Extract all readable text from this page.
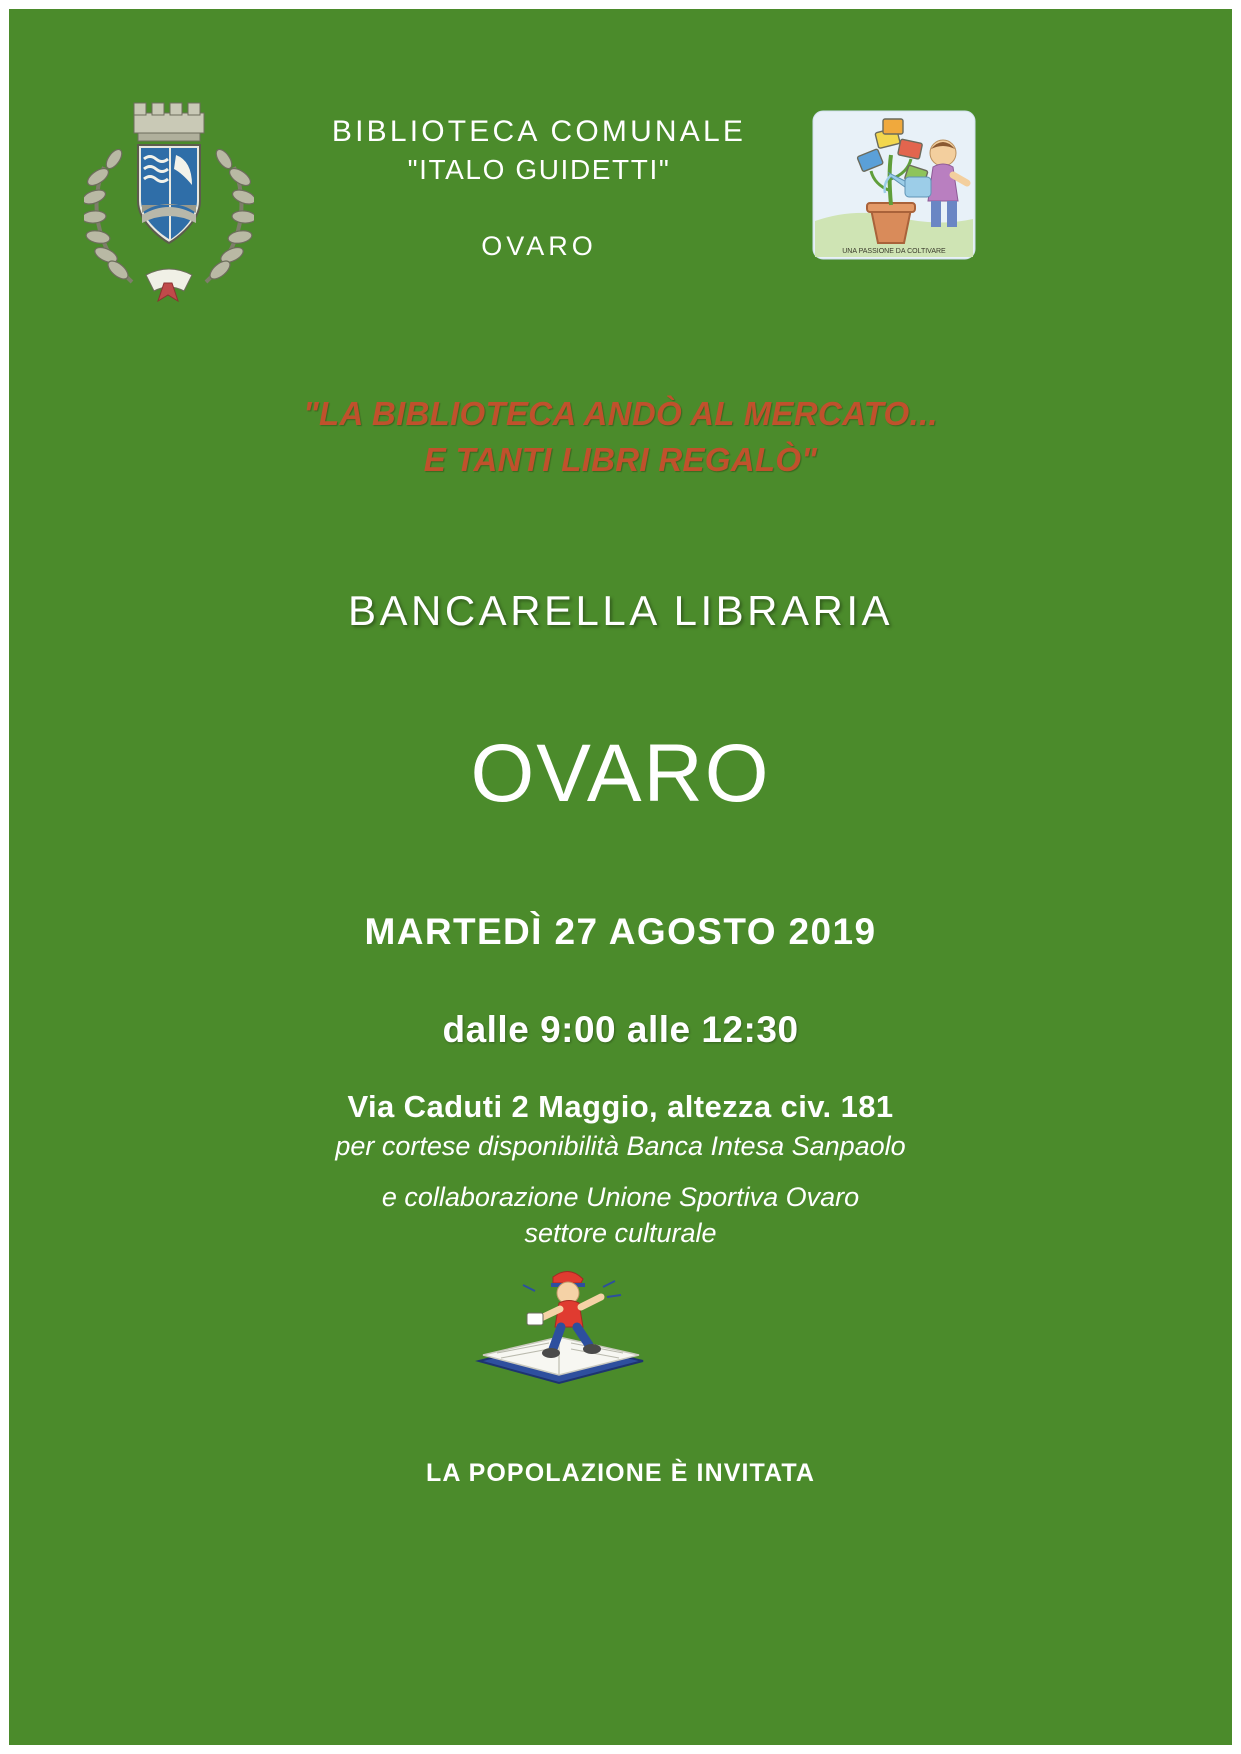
BIBLIOTECA COMUNALE
"ITALO GUIDETTI"
OVARO	UNA PASSIONE DA COLTIVARE
"LA BIBLIOTECA ANDÒ AL MERCATO...
E TANTI LIBRI REGALÒ"
BANCARELLA LIBRARIA
OVARO
MARTEDÌ 27 AGOSTO 2019
dalle 9:00 alle 12:30
Via Caduti 2 Maggio, altezza civ. 181
per cortese disponibilità Banca Intesa Sanpaolo
e collaborazione Unione Sportiva Ovaro
settore culturale
LA POPOLAZIONE È INVITATA
